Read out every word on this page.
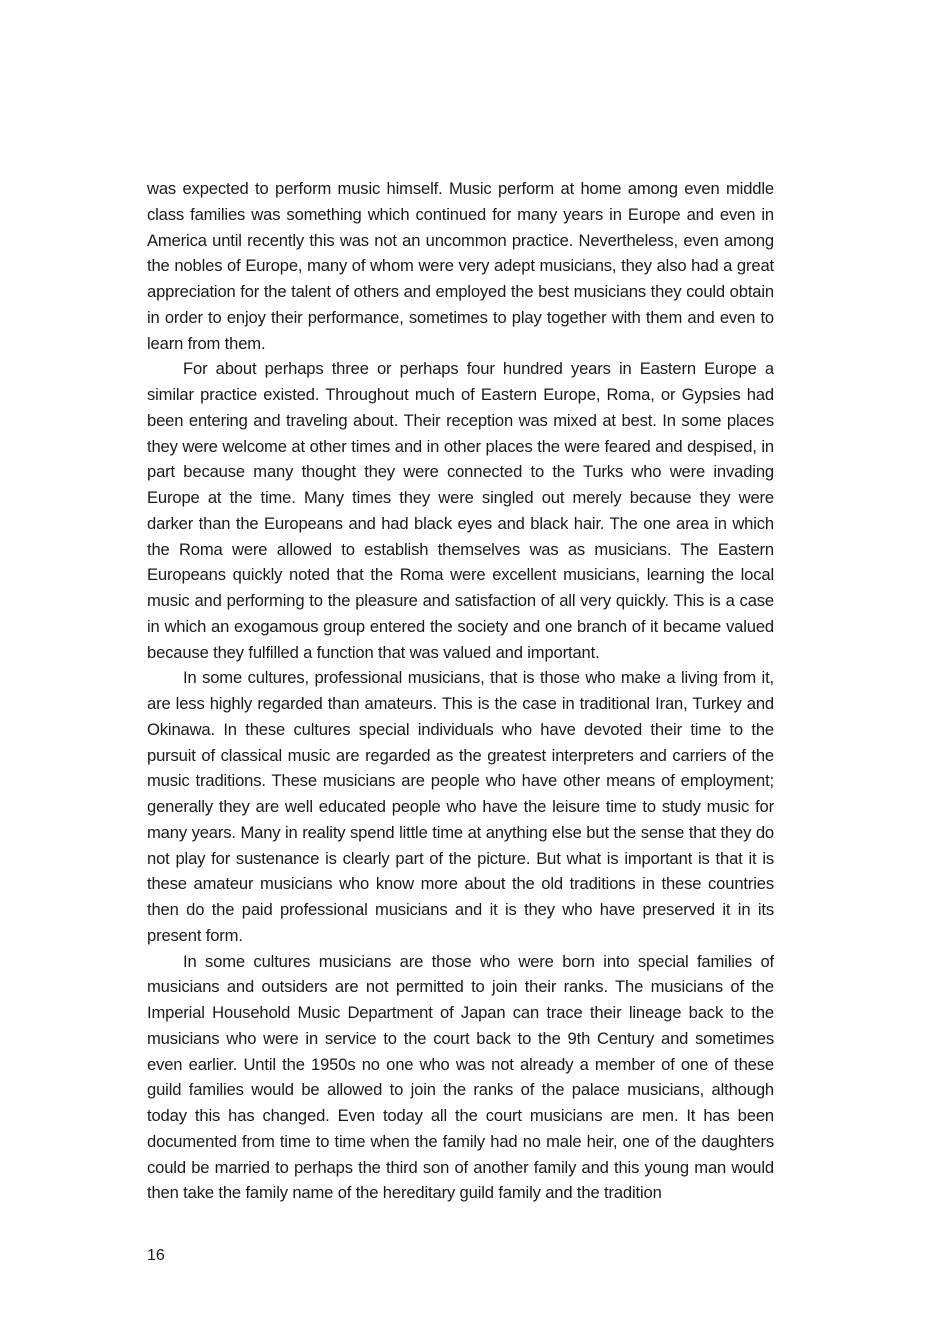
was expected to perform music himself. Music perform at home among even middle class families was something which continued for many years in Europe and even in America until recently this was not an uncommon practice. Nevertheless, even among the nobles of Europe, many of whom were very adept musicians, they also had a great appreciation for the talent of others and employed the best musicians they could obtain in order to enjoy their performance, sometimes to play together with them and even to learn from them.

For about perhaps three or perhaps four hundred years in Eastern Europe a similar practice existed. Throughout much of Eastern Europe, Roma, or Gypsies had been entering and traveling about. Their reception was mixed at best. In some places they were welcome at other times and in other places the were feared and despised, in part because many thought they were connected to the Turks who were invading Europe at the time. Many times they were singled out merely because they were darker than the Europeans and had black eyes and black hair. The one area in which the Roma were allowed to establish themselves was as musicians. The Eastern Europeans quickly noted that the Roma were excellent musicians, learning the local music and performing to the pleasure and satisfaction of all very quickly. This is a case in which an exogamous group entered the society and one branch of it became valued because they fulfilled a function that was valued and important.

In some cultures, professional musicians, that is those who make a living from it, are less highly regarded than amateurs. This is the case in traditional Iran, Turkey and Okinawa. In these cultures special individuals who have devoted their time to the pursuit of classical music are regarded as the greatest interpreters and carriers of the music traditions. These musicians are people who have other means of employment; generally they are well educated people who have the leisure time to study music for many years. Many in reality spend little time at anything else but the sense that they do not play for sustenance is clearly part of the picture. But what is important is that it is these amateur musicians who know more about the old traditions in these countries then do the paid professional musicians and it is they who have preserved it in its present form.

In some cultures musicians are those who were born into special families of musicians and outsiders are not permitted to join their ranks. The musicians of the Imperial Household Music Department of Japan can trace their lineage back to the musicians who were in service to the court back to the 9th Century and sometimes even earlier. Until the 1950s no one who was not already a member of one of these guild families would be allowed to join the ranks of the palace musicians, although today this has changed. Even today all the court musicians are men. It has been documented from time to time when the family had no male heir, one of the daughters could be married to perhaps the third son of another family and this young man would then take the family name of the hereditary guild family and the tradition

16
